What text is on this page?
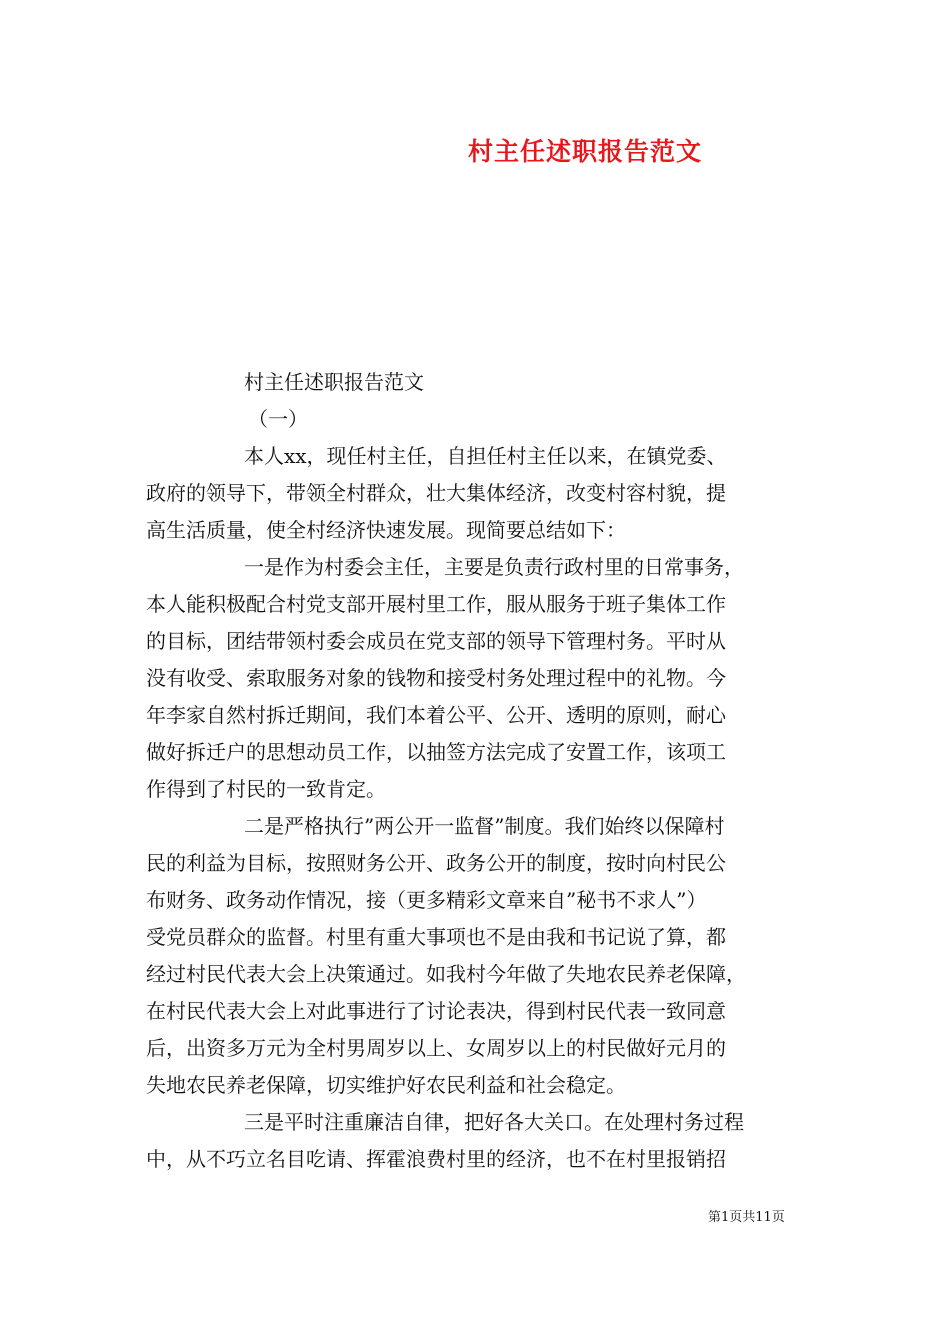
村主任述职报告范文
村主任述职报告范文
（一）
本人xx，现任村主任，自担任村主任以来，在镇党委、
政府的领导下，带领全村群众，壮大集体经济，改变村容村貌，提
高生活质量，使全村经济快速发展。现简要总结如下：
一是作为村委会主任，主要是负责行政村里的日常事务，
本人能积极配合村党支部开展村里工作，服从服务于班子集体工作
的目标，团结带领村委会成员在党支部的领导下管理村务。平时从
没有收受、索取服务对象的钱物和接受村务处理过程中的礼物。今
年李家自然村拆迁期间，我们本着公平、公开、透明的原则，耐心
做好拆迁户的思想动员工作，以抽签方法完成了安置工作，该项工
作得到了村民的一致肯定。
二是严格执行”两公开一监督”制度。我们始终以保障村
民的利益为目标，按照财务公开、政务公开的制度，按时向村民公
布财务、政务动作情况，接（更多精彩文章来自”秘书不求人”）
受党员群众的监督。村里有重大事项也不是由我和书记说了算，都
经过村民代表大会上决策通过。如我村今年做了失地农民养老保障，
在村民代表大会上对此事进行了讨论表决，得到村民代表一致同意
后，出资多万元为全村男周岁以上、女周岁以上的村民做好元月的
失地农民养老保障，切实维护好农民利益和社会稳定。
三是平时注重廉洁自律，把好各大关口。在处理村务过程
中，从不巧立名目吃请、挥霍浪费村里的经济，也不在村里报销招
第1页共11页
